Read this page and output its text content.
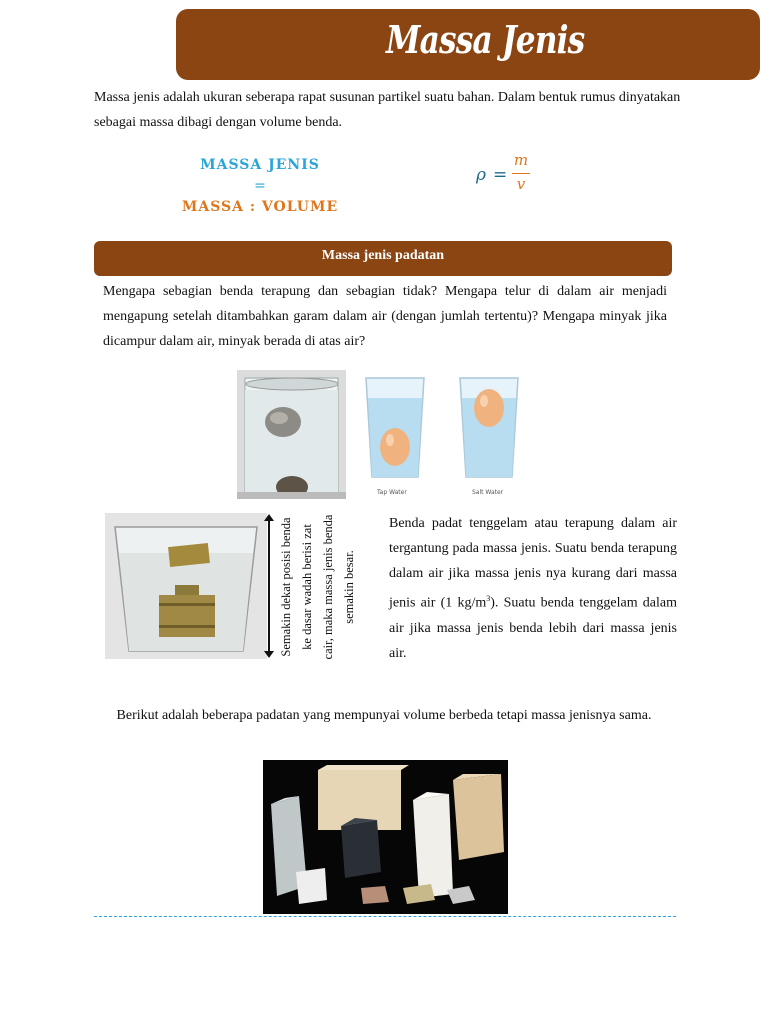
Massa Jenis
Massa jenis adalah ukuran seberapa rapat susunan partikel suatu bahan. Dalam bentuk rumus dinyatakan sebagai massa dibagi dengan volume benda.
MASSA JENIS
=
MASSA : VOLUME
ρ =
m
v
Massa jenis padatan
Mengapa sebagian benda terapung dan sebagian tidak? Mengapa telur di dalam air menjadi mengapung setelah ditambahkan garam dalam air (dengan jumlah tertentu)? Mengapa minyak jika dicampur dalam air, minyak berada di atas air?
Tap Water	Salt Water
Semakin dekat posisi benda ke dasar wadah berisi zat cair, maka massa jenis benda semakin besar.
Benda padat tenggelam atau terapung dalam air tergantung pada massa jenis. Suatu benda terapung dalam air jika massa jenis nya kurang dari massa jenis air (1 $kg/m^3$). Suatu benda tenggelam dalam air jika massa jenis benda lebih dari massa jenis air.
Berikut adalah beberapa padatan yang mempunyai volume berbeda tetapi massa jenisnya sama.
